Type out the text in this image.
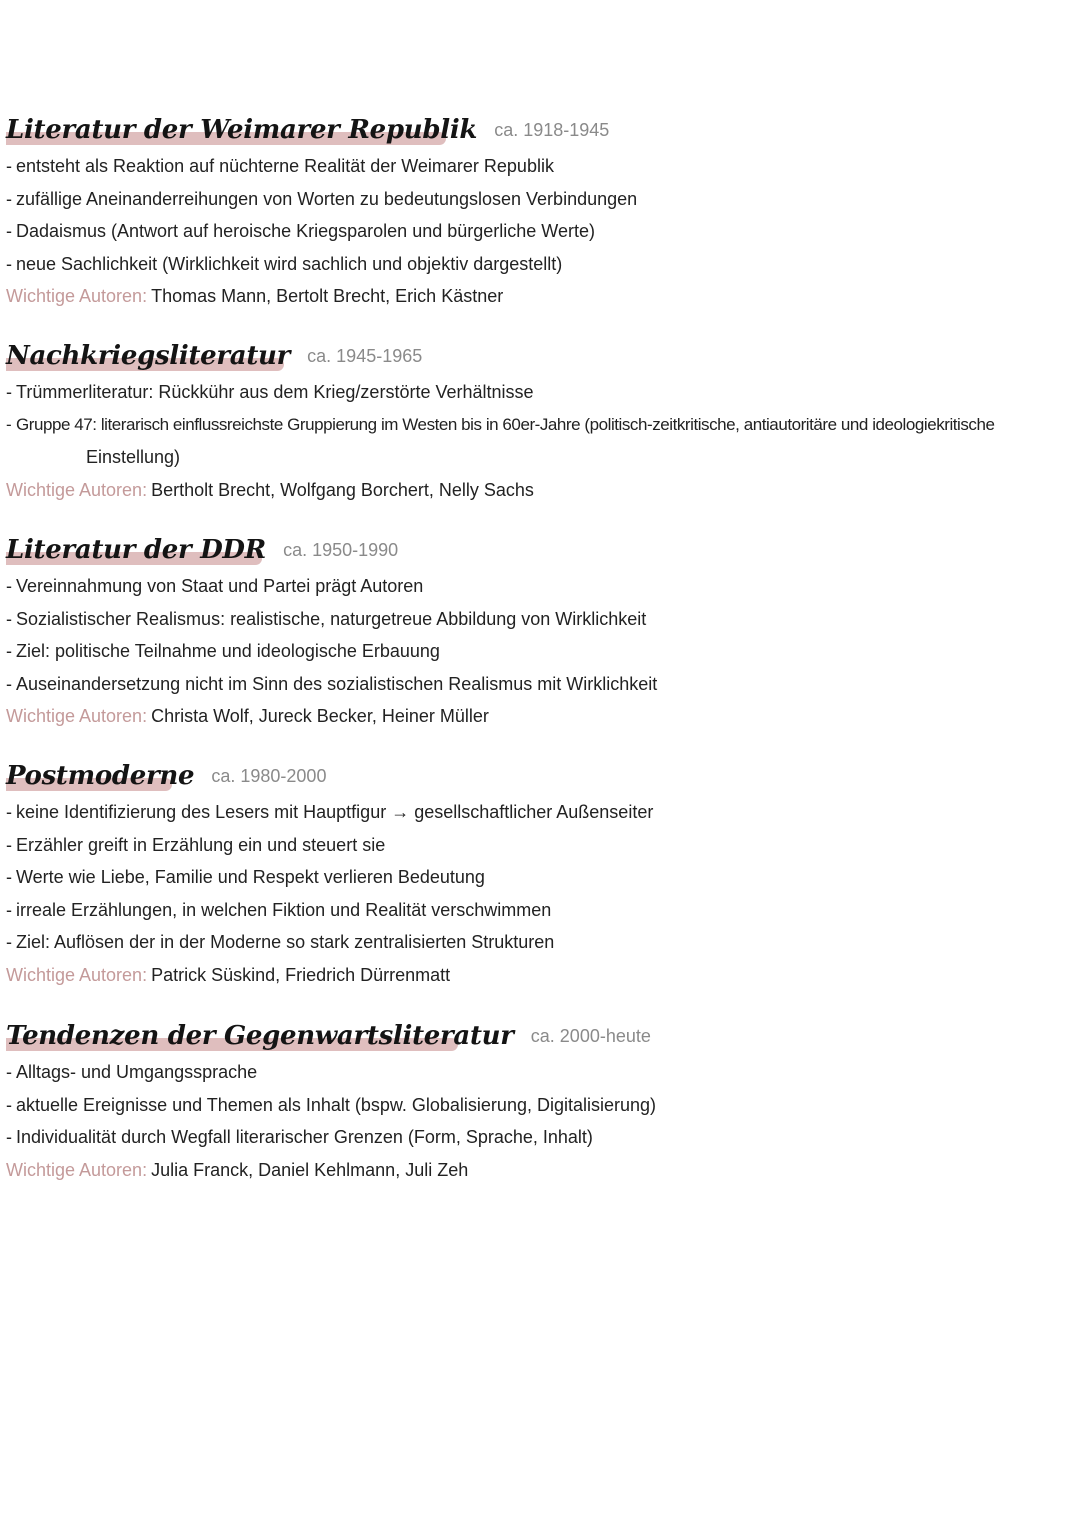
Literatur der Weimarer Republik ca. 1918-1945
- entsteht als Reaktion auf nüchterne Realität der Weimarer Republik
- zufällige Aneinanderreihungen von Worten zu bedeutungslosen Verbindungen
- Dadaismus (Antwort auf heroische Kriegsparolen und bürgerliche Werte)
- neue Sachlichkeit (Wirklichkeit wird sachlich und objektiv dargestellt)
Wichtige Autoren: Thomas Mann, Bertolt Brecht, Erich Kästner
Nachkriegsliteratur ca. 1945-1965
- Trümmerliteratur: Rückkühr aus dem Krieg/zerstörte Verhältnisse
- Gruppe 47: literarisch einflussreichste Gruppierung im Westen bis in 60er-Jahre (politisch-zeitkritische, antiautoritäre und ideologiekritische
Einstellung)
Wichtige Autoren: Bertholt Brecht, Wolfgang Borchert, Nelly Sachs
Literatur der DDR ca. 1950-1990
- Vereinnahmung von Staat und Partei prägt Autoren
- Sozialistischer Realismus: realistische, naturgetreue Abbildung von Wirklichkeit
- Ziel: politische Teilnahme und ideologische Erbauung
- Auseinandersetzung nicht im Sinn des sozialistischen Realismus mit Wirklichkeit
Wichtige Autoren: Christa Wolf, Jureck Becker, Heiner Müller
Postmoderne ca. 1980-2000
- keine Identifizierung des Lesers mit Hauptfigur → gesellschaftlicher Außenseiter
- Erzähler greift in Erzählung ein und steuert sie
- Werte wie Liebe, Familie und Respekt verlieren Bedeutung
- irreale Erzählungen, in welchen Fiktion und Realität verschwimmen
- Ziel: Auflösen der in der Moderne so stark zentralisierten Strukturen
Wichtige Autoren: Patrick Süskind, Friedrich Dürrenmatt
Tendenzen der Gegenwartsliteratur ca. 2000-heute
- Alltags- und Umgangssprache
- aktuelle Ereignisse und Themen als Inhalt (bspw. Globalisierung, Digitalisierung)
- Individualität durch Wegfall literarischer Grenzen (Form, Sprache, Inhalt)
Wichtige Autoren: Julia Franck, Daniel Kehlmann, Juli Zeh
